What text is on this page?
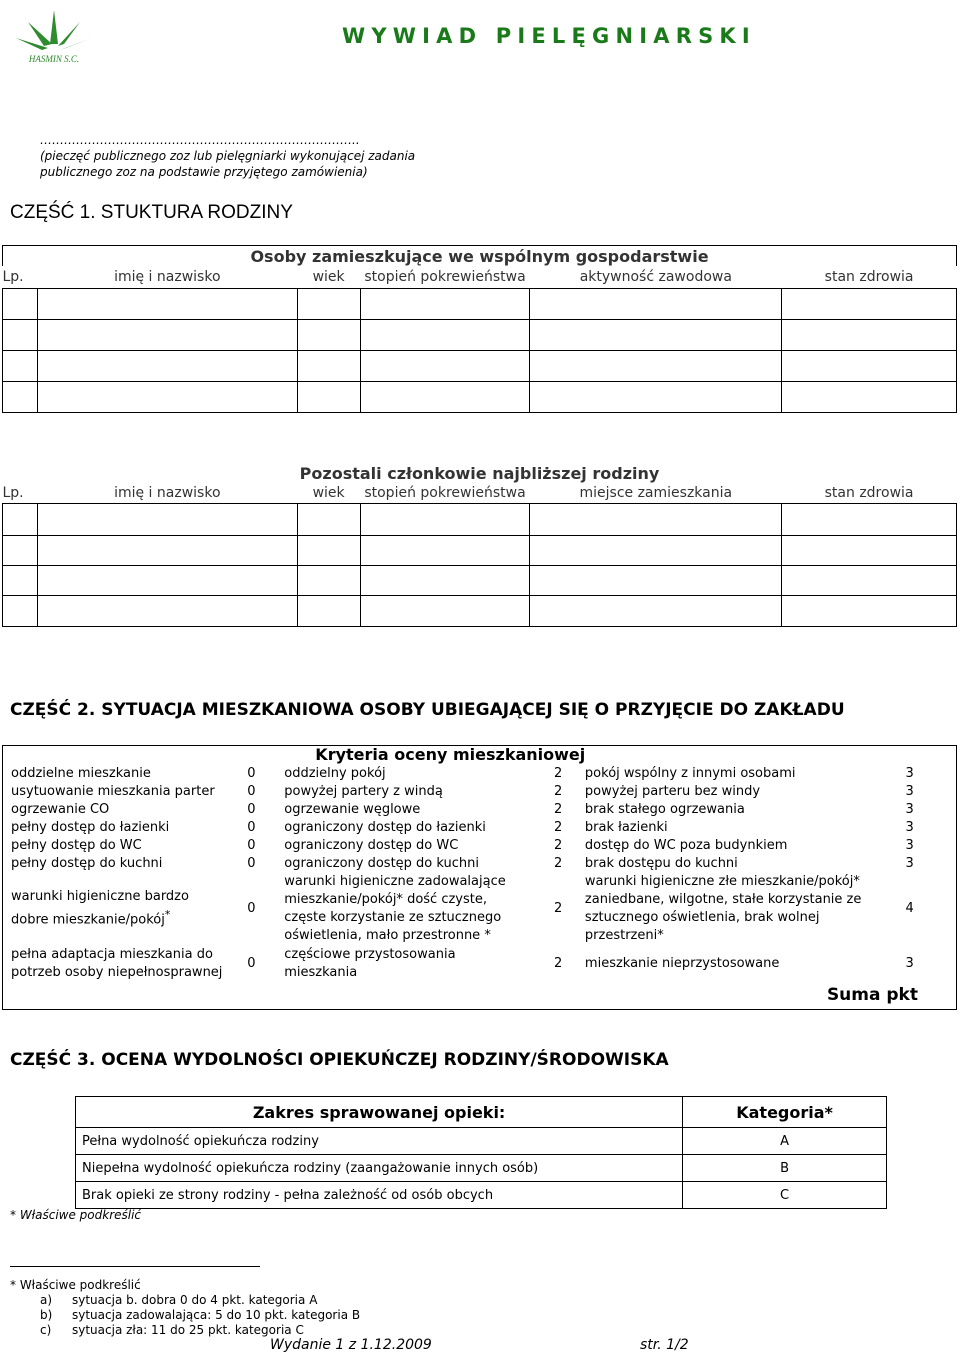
HASMIN S.C.
WYWIAD PIELĘGNIARSKI
……………………………………………………………………..
(pieczęć publicznego zoz lub pielęgniarki wykonującej zadania
publicznego zoz na podstawie przyjętego zamówienia)
CZĘŚĆ 1. STUKTURA RODZINY
Osoby zamieszkujące we wspólnym gospodarstwie					
Lp.	imię i nazwisko	wiek	stopień pokrewieństwa	aktywność zawodowa	stan zdrowia

Pozostali członkowie najbliższej rodziny					
Lp.	imię i nazwisko	wiek	stopień pokrewieństwa	miejsce zamieszkania	stan zdrowia

CZĘŚĆ 2. SYTUACJA MIESZKANIOWA OSOBY UBIEGAJĄCEJ SIĘ O PRZYJĘCIE DO ZAKŁADU
Kryteria oceny mieszkaniowej					
oddzielne mieszkanie	0	oddzielny pokój	2	pokój wspólny z innymi osobami	3
usytuowanie mieszkania parter	0	powyżej partery z windą	2	powyżej parteru bez windy	3
ogrzewanie CO	0	ogrzewanie węglowe	2	brak stałego ogrzewania	3
pełny dostęp do łazienki	0	ograniczony dostęp do łazienki	2	brak łazienki	3
pełny dostęp do WC	0	ograniczony dostęp do WC	2	dostęp do WC poza budynkiem	3
pełny dostęp do kuchni	0	ograniczony dostęp do kuchni	2	brak dostępu do kuchni	3

warunki higieniczne bardzo
dobre mieszkanie/pokój*	0	warunki higieniczne zadowalające
mieszkanie/pokój* dość czyste,
częste korzystanie ze sztucznego
oświetlenia, mało przestronne *	2	warunki higieniczne złe mieszkanie/pokój*
zaniedbane, wilgotne, stałe korzystanie ze
sztucznego oświetlenia, brak wolnej
przestrzeni*	4

pełna adaptacja mieszkania do
potrzeb osoby niepełnosprawnej	0	częściowe przystosowania
mieszkania	2	mieszkanie nieprzystosowane	3
				Suma pkt	
CZĘŚĆ 3. OCENA WYDOLNOŚCI OPIEKUŃCZEJ RODZINY/ŚRODOWISKA
Zakres sprawowanej opieki:	Kategoria*
Pełna wydolność opiekuńcza rodziny	A
Niepełna wydolność opiekuńcza rodziny (zaangażowanie innych osób)	B
Brak opieki ze strony rodziny - pełna zależność od osób obcych	C
* Właściwe podkreślić
* Właściwe podkreślić
a) sytuacja b. dobra 0 do 4 pkt. kategoria A
b) sytuacja zadowalająca: 5 do 10 pkt. kategoria B
c) sytuacja zła: 11 do 25 pkt. kategoria C
Wydanie 1 z 1.12.2009	str. 1/2
